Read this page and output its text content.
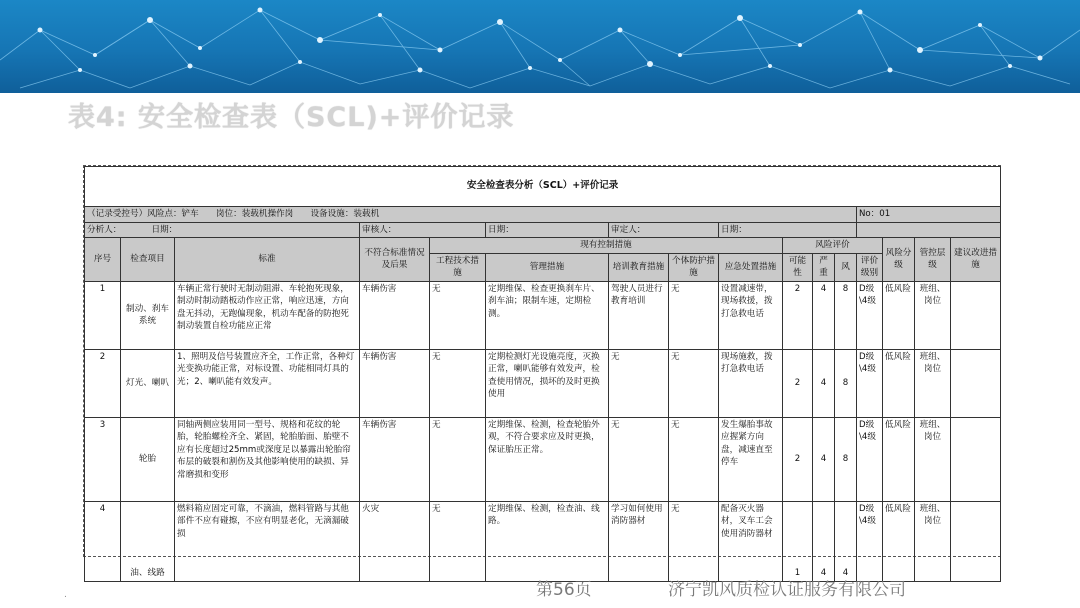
表4: 安全检查表（SCL)+评价记录
安全检查表分析（SCL）+评价记录															
（记录受控号）风险点：铲车　　岗位：装载机操作岗　　设备设施：装载机												No：01			
分析人：　　　　 日期：			审核人：		日期：	审定人：		日期：							
序号	检查项目	标准	不符合标准情况及后果	现有控制措施					风险评价				风险分级	管控层级	建议改进措施
				工程技术措施	管理措施	培训教育措施	个体防护措施	应急处置措施	可能性	严重	风	评价级别			
1	制动、刹车系统	车辆正常行驶时无制动阻滞、车轮抱死现象，制动时制动踏板动作应正常，响应迅速，方向盘无抖动，无跑偏现象，机动车配备的防抱死制动装置自检功能应正常	车辆伤害	无	定期维保、检查更换刹车片、刹车油；限制车速，定期检测。	驾驶人员进行教育培训	无	设置减速带，现场救援，拨打急救电话	2	4	8	D级\4级	低风险	班组、岗位	
2	灯光、喇叭	1、照明及信号装置应齐全，工作正常，各种灯光变换功能正常，对标设置、功能相同灯具的光；2、喇叭能有效发声。	车辆伤害	无	定期检测灯光设施亮度，灭换正常，喇叭能够有效发声，检查使用情况，损坏的及时更换使用	无	无	现场施救，拨打急救电话	2	4	8	D级\4级	低风险	班组、岗位	
3	轮胎	同轴两侧应装用同一型号、规格和花纹的轮胎，轮胎螺栓齐全、紧固，轮胎胎面、胎壁不应有长度超过25mm或深度足以暴露出轮胎帘布层的破裂和割伤及其他影响使用的缺损、异常磨损和变形	车辆伤害	无	定期维保、检测，检查轮胎外观，不符合要求应及时更换，保证胎压正常。	无	无	发生爆胎事故应握紧方向盘，减速直至停车	2	4	8	D级\4级	低风险	班组、岗位	
4	油、线路	燃料箱应固定可靠，不滴油，燃料管路与其他部件不应有碰擦，不应有明显老化，无滴漏破损	火灾	无	定期维保、检测，检查油、线路。	学习如何使用消防器材	无	配备灭火器材，叉车工会使用消防器材	1	4	4	D级\4级	低风险	班组、岗位	
.	第56页	济宁凯风质检认证服务有限公司
